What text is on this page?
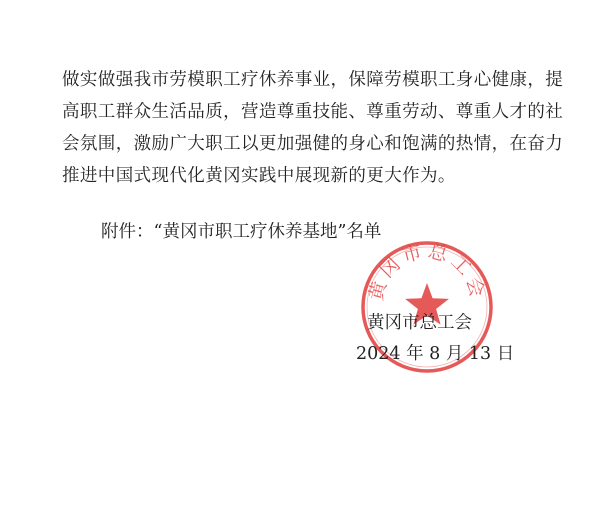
做实做强我市劳模职工疗休养事业，保障劳模职工身心健康，提
高职工群众生活品质，营造尊重技能、尊重劳动、尊重人才的社
会氛围，激励广大职工以更加强健的身心和饱满的热情，在奋力
推进中国式现代化黄冈实践中展现新的更大作为。
附件：“黄冈市职工疗休养基地”名单
黄冈市总工会
黄冈市总工会
2024 年 8 月 13 日
